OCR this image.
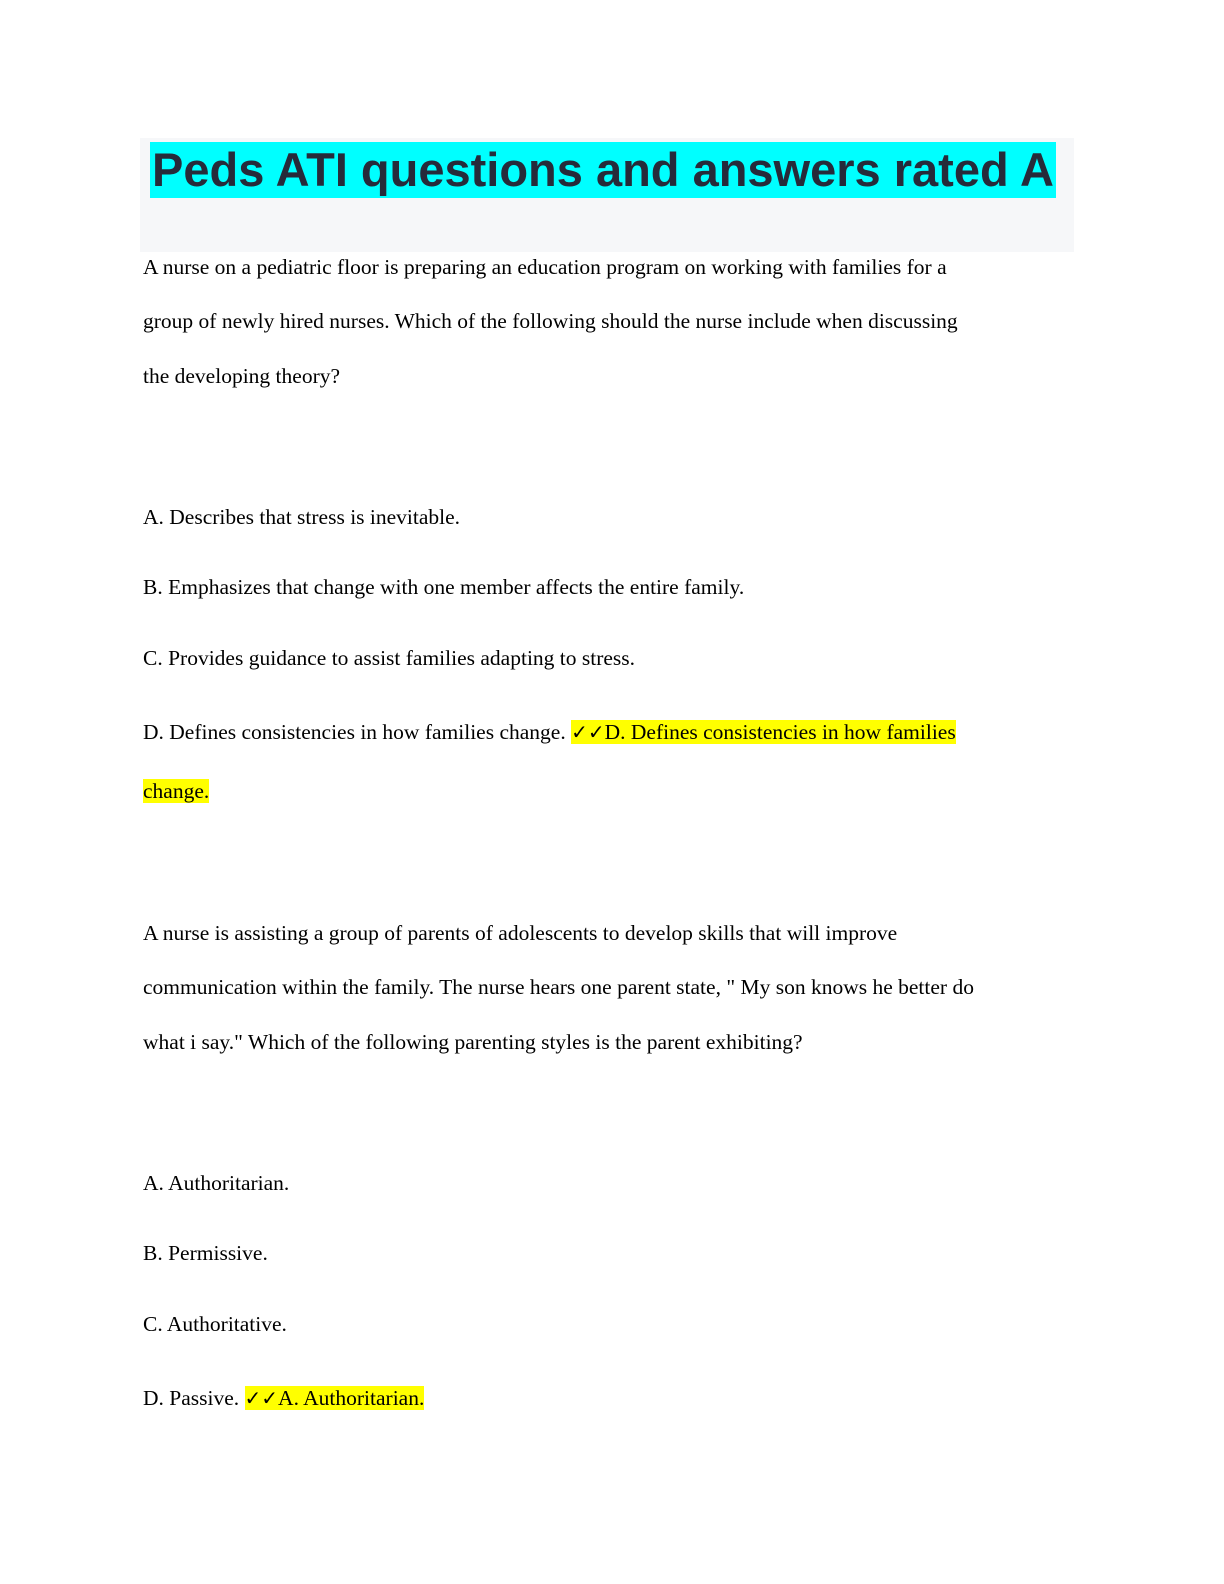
Peds ATI questions and answers rated A

A nurse on a pediatric floor is preparing an education program on working with families for a

group of newly hired nurses. Which of the following should the nurse include when discussing

the developing theory?

A. Describes that stress is inevitable.

B. Emphasizes that change with one member affects the entire family.

C. Provides guidance to assist families adapting to stress.

D. Defines consistencies in how families change. ✓✓D. Defines consistencies in how families

change.

A nurse is assisting a group of parents of adolescents to develop skills that will improve

communication within the family. The nurse hears one parent state, " My son knows he better do

what i say." Which of the following parenting styles is the parent exhibiting?

A. Authoritarian.

B. Permissive.

C. Authoritative.

D. Passive. ✓✓A. Authoritarian.
